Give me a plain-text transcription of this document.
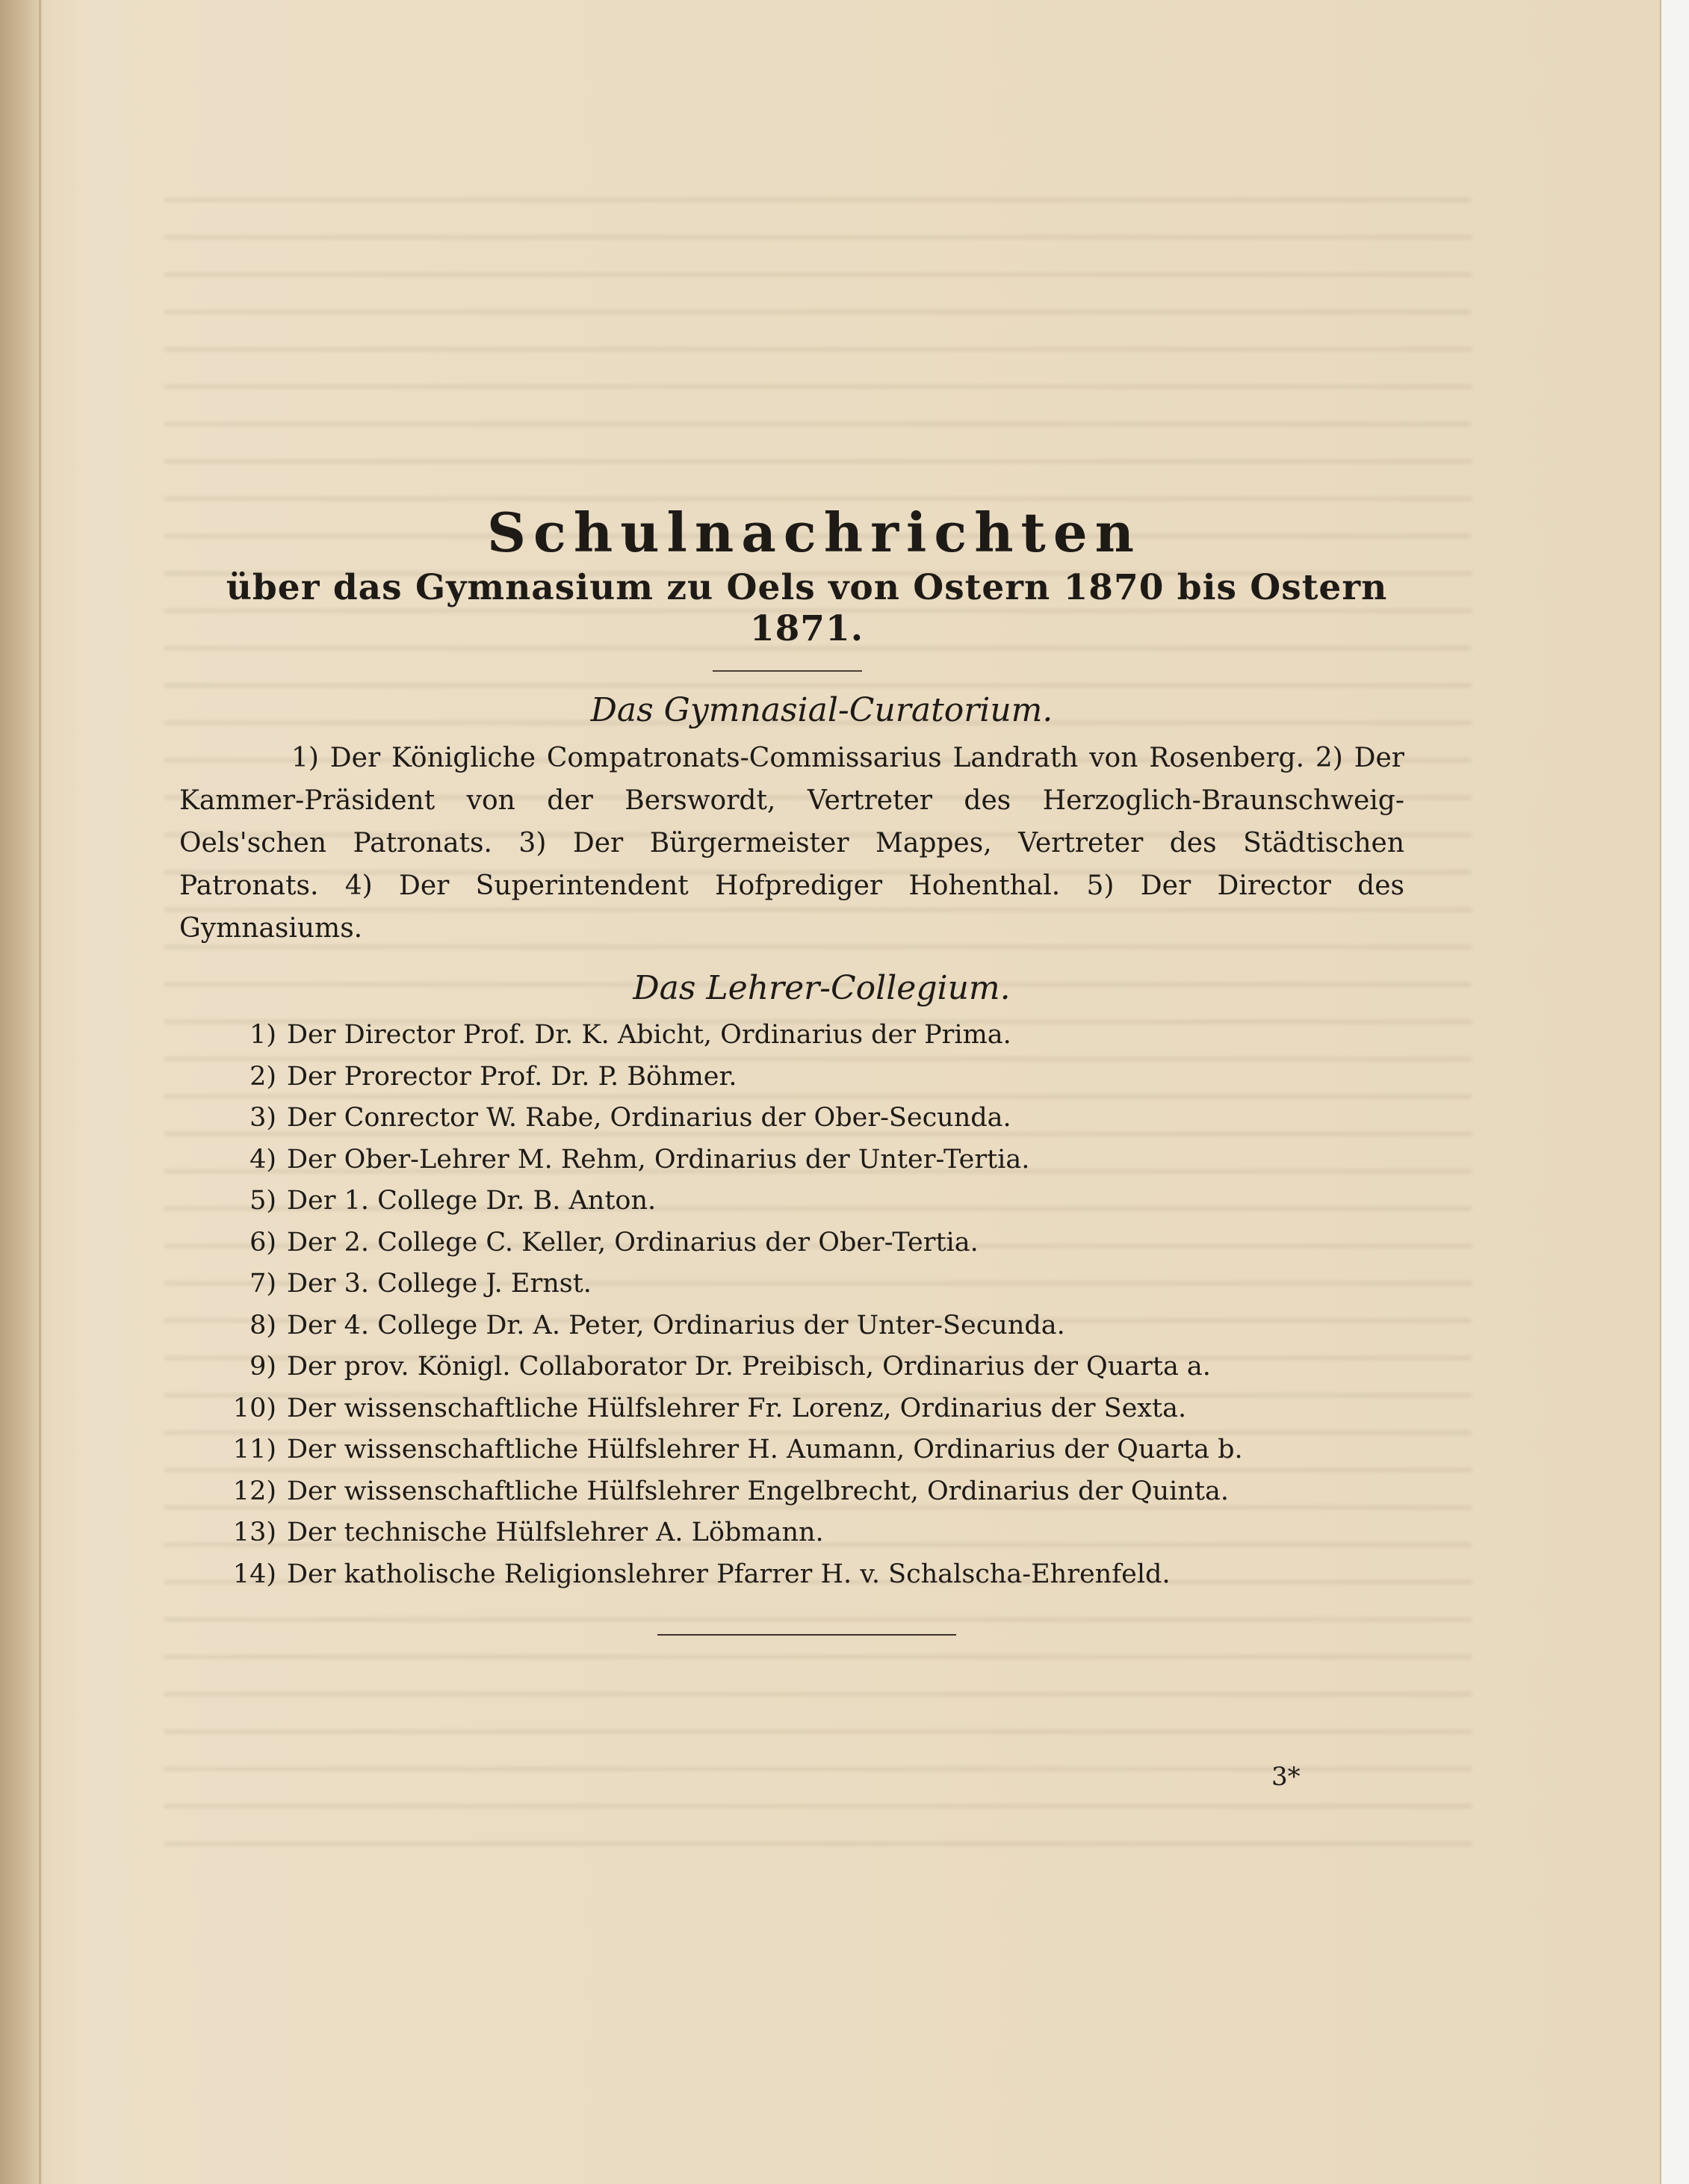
Schulnachrichten
über das Gymnasium zu Oels von Ostern 1870 bis Ostern 1871.
Das Gymnasial-Curatorium.
1) Der Königliche Compatronats-Commissarius Landrath von Rosenberg. 2) Der Kammer-Präsident von der Berswordt, Vertreter des Herzoglich-Braunschweig-Oels'schen Patronats. 3) Der Bürgermeister Mappes, Vertreter des Städtischen Patronats. 4) Der Superintendent Hofprediger Hohenthal. 5) Der Director des Gymnasiums.
Das Lehrer-Collegium.
1) Der Director Prof. Dr. K. Abicht, Ordinarius der Prima.
2) Der Prorector Prof. Dr. P. Böhmer.
3) Der Conrector W. Rabe, Ordinarius der Ober-Secunda.
4) Der Ober-Lehrer M. Rehm, Ordinarius der Unter-Tertia.
5) Der 1. College Dr. B. Anton.
6) Der 2. College C. Keller, Ordinarius der Ober-Tertia.
7) Der 3. College J. Ernst.
8) Der 4. College Dr. A. Peter, Ordinarius der Unter-Secunda.
9) Der prov. Königl. Collaborator Dr. Preibisch, Ordinarius der Quarta a.
10) Der wissenschaftliche Hülfslehrer Fr. Lorenz, Ordinarius der Sexta.
11) Der wissenschaftliche Hülfslehrer H. Aumann, Ordinarius der Quarta b.
12) Der wissenschaftliche Hülfslehrer Engelbrecht, Ordinarius der Quinta.
13) Der technische Hülfslehrer A. Löbmann.
14) Der katholische Religionslehrer Pfarrer H. v. Schalscha-Ehrenfeld.
3*
